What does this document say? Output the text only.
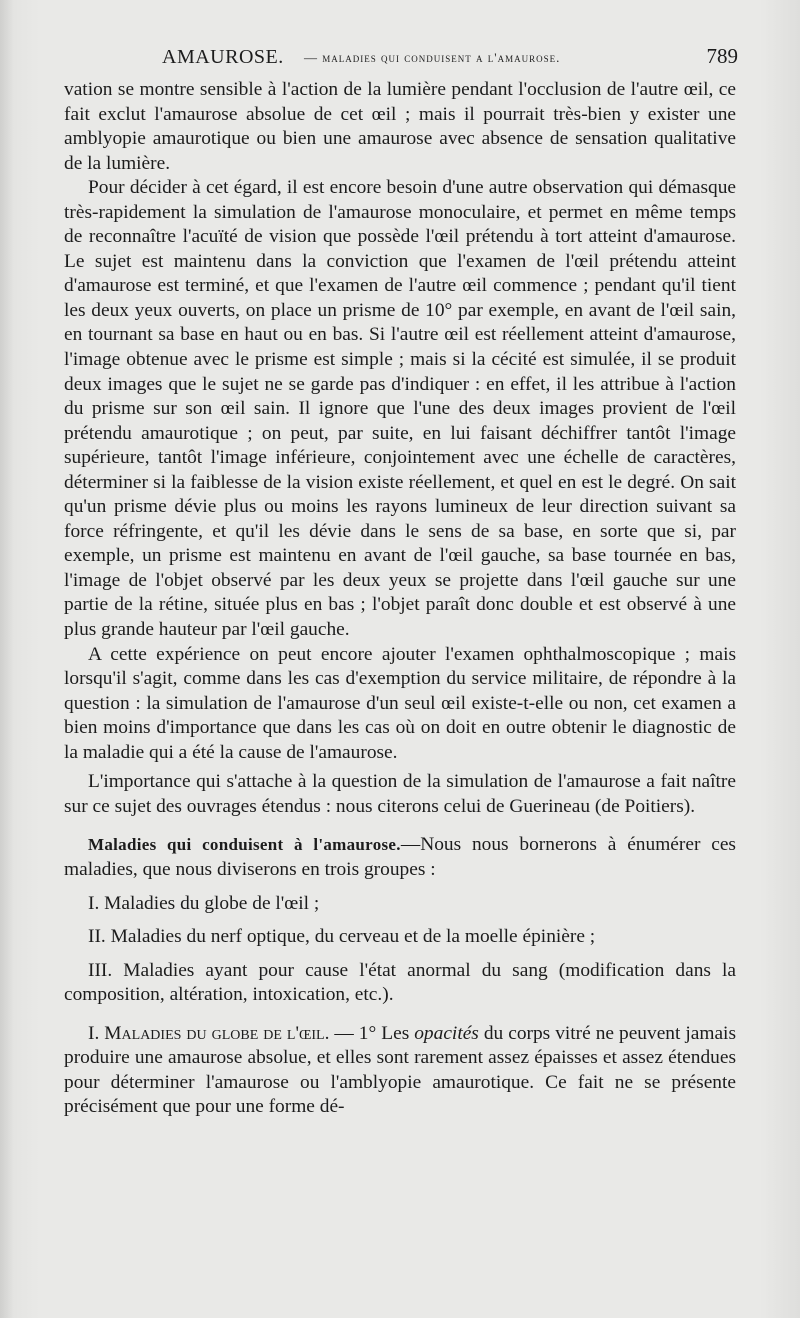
AMAUROSE. — maladies qui conduisent a l'amaurose.	789

vation se montre sensible à l'action de la lumière pendant l'occlusion de l'autre œil, ce fait exclut l'amaurose absolue de cet œil ; mais il pourrait très-bien y exister une amblyopie amaurotique ou bien une amaurose avec absence de sensation qualitative de la lumière.

Pour décider à cet égard, il est encore besoin d'une autre observation qui démasque très-rapidement la simulation de l'amaurose monoculaire, et permet en même temps de reconnaître l'acuïté de vision que possède l'œil prétendu à tort atteint d'amaurose. Le sujet est maintenu dans la conviction que l'examen de l'œil prétendu atteint d'amaurose est terminé, et que l'examen de l'autre œil commence ; pendant qu'il tient les deux yeux ouverts, on place un prisme de 10° par exemple, en avant de l'œil sain, en tournant sa base en haut ou en bas. Si l'autre œil est réellement atteint d'amaurose, l'image obtenue avec le prisme est simple ; mais si la cécité est simulée, il se produit deux images que le sujet ne se garde pas d'indiquer : en effet, il les attribue à l'action du prisme sur son œil sain. Il ignore que l'une des deux images provient de l'œil prétendu amaurotique ; on peut, par suite, en lui faisant déchiffrer tantôt l'image supérieure, tantôt l'image inférieure, conjointement avec une échelle de caractères, déterminer si la faiblesse de la vision existe réellement, et quel en est le degré. On sait qu'un prisme dévie plus ou moins les rayons lumineux de leur direction suivant sa force réfringente, et qu'il les dévie dans le sens de sa base, en sorte que si, par exemple, un prisme est maintenu en avant de l'œil gauche, sa base tournée en bas, l'image de l'objet observé par les deux yeux se projette dans l'œil gauche sur une partie de la rétine, située plus en bas ; l'objet paraît donc double et est observé à une plus grande hauteur par l'œil gauche.

A cette expérience on peut encore ajouter l'examen ophthalmoscopique ; mais lorsqu'il s'agit, comme dans les cas d'exemption du service militaire, de répondre à la question : la simulation de l'amaurose d'un seul œil existe-t-elle ou non, cet examen a bien moins d'importance que dans les cas où on doit en outre obtenir le diagnostic de la maladie qui a été la cause de l'amaurose.

L'importance qui s'attache à la question de la simulation de l'amaurose a fait naître sur ce sujet des ouvrages étendus : nous citerons celui de Guerineau (de Poitiers).

Maladies qui conduisent à l'amaurose.—Nous nous bornerons à énumérer ces maladies, que nous diviserons en trois groupes :

I. Maladies du globe de l'œil ;

II. Maladies du nerf optique, du cerveau et de la moelle épinière ;

III. Maladies ayant pour cause l'état anormal du sang (modification dans la composition, altération, intoxication, etc.).

I. Maladies du globe de l'œil. — 1° Les opacités du corps vitré ne peuvent jamais produire une amaurose absolue, et elles sont rarement assez épaisses et assez étendues pour déterminer l'amaurose ou l'amblyopie amaurotique. Ce fait ne se présente précisément que pour une forme dé-
